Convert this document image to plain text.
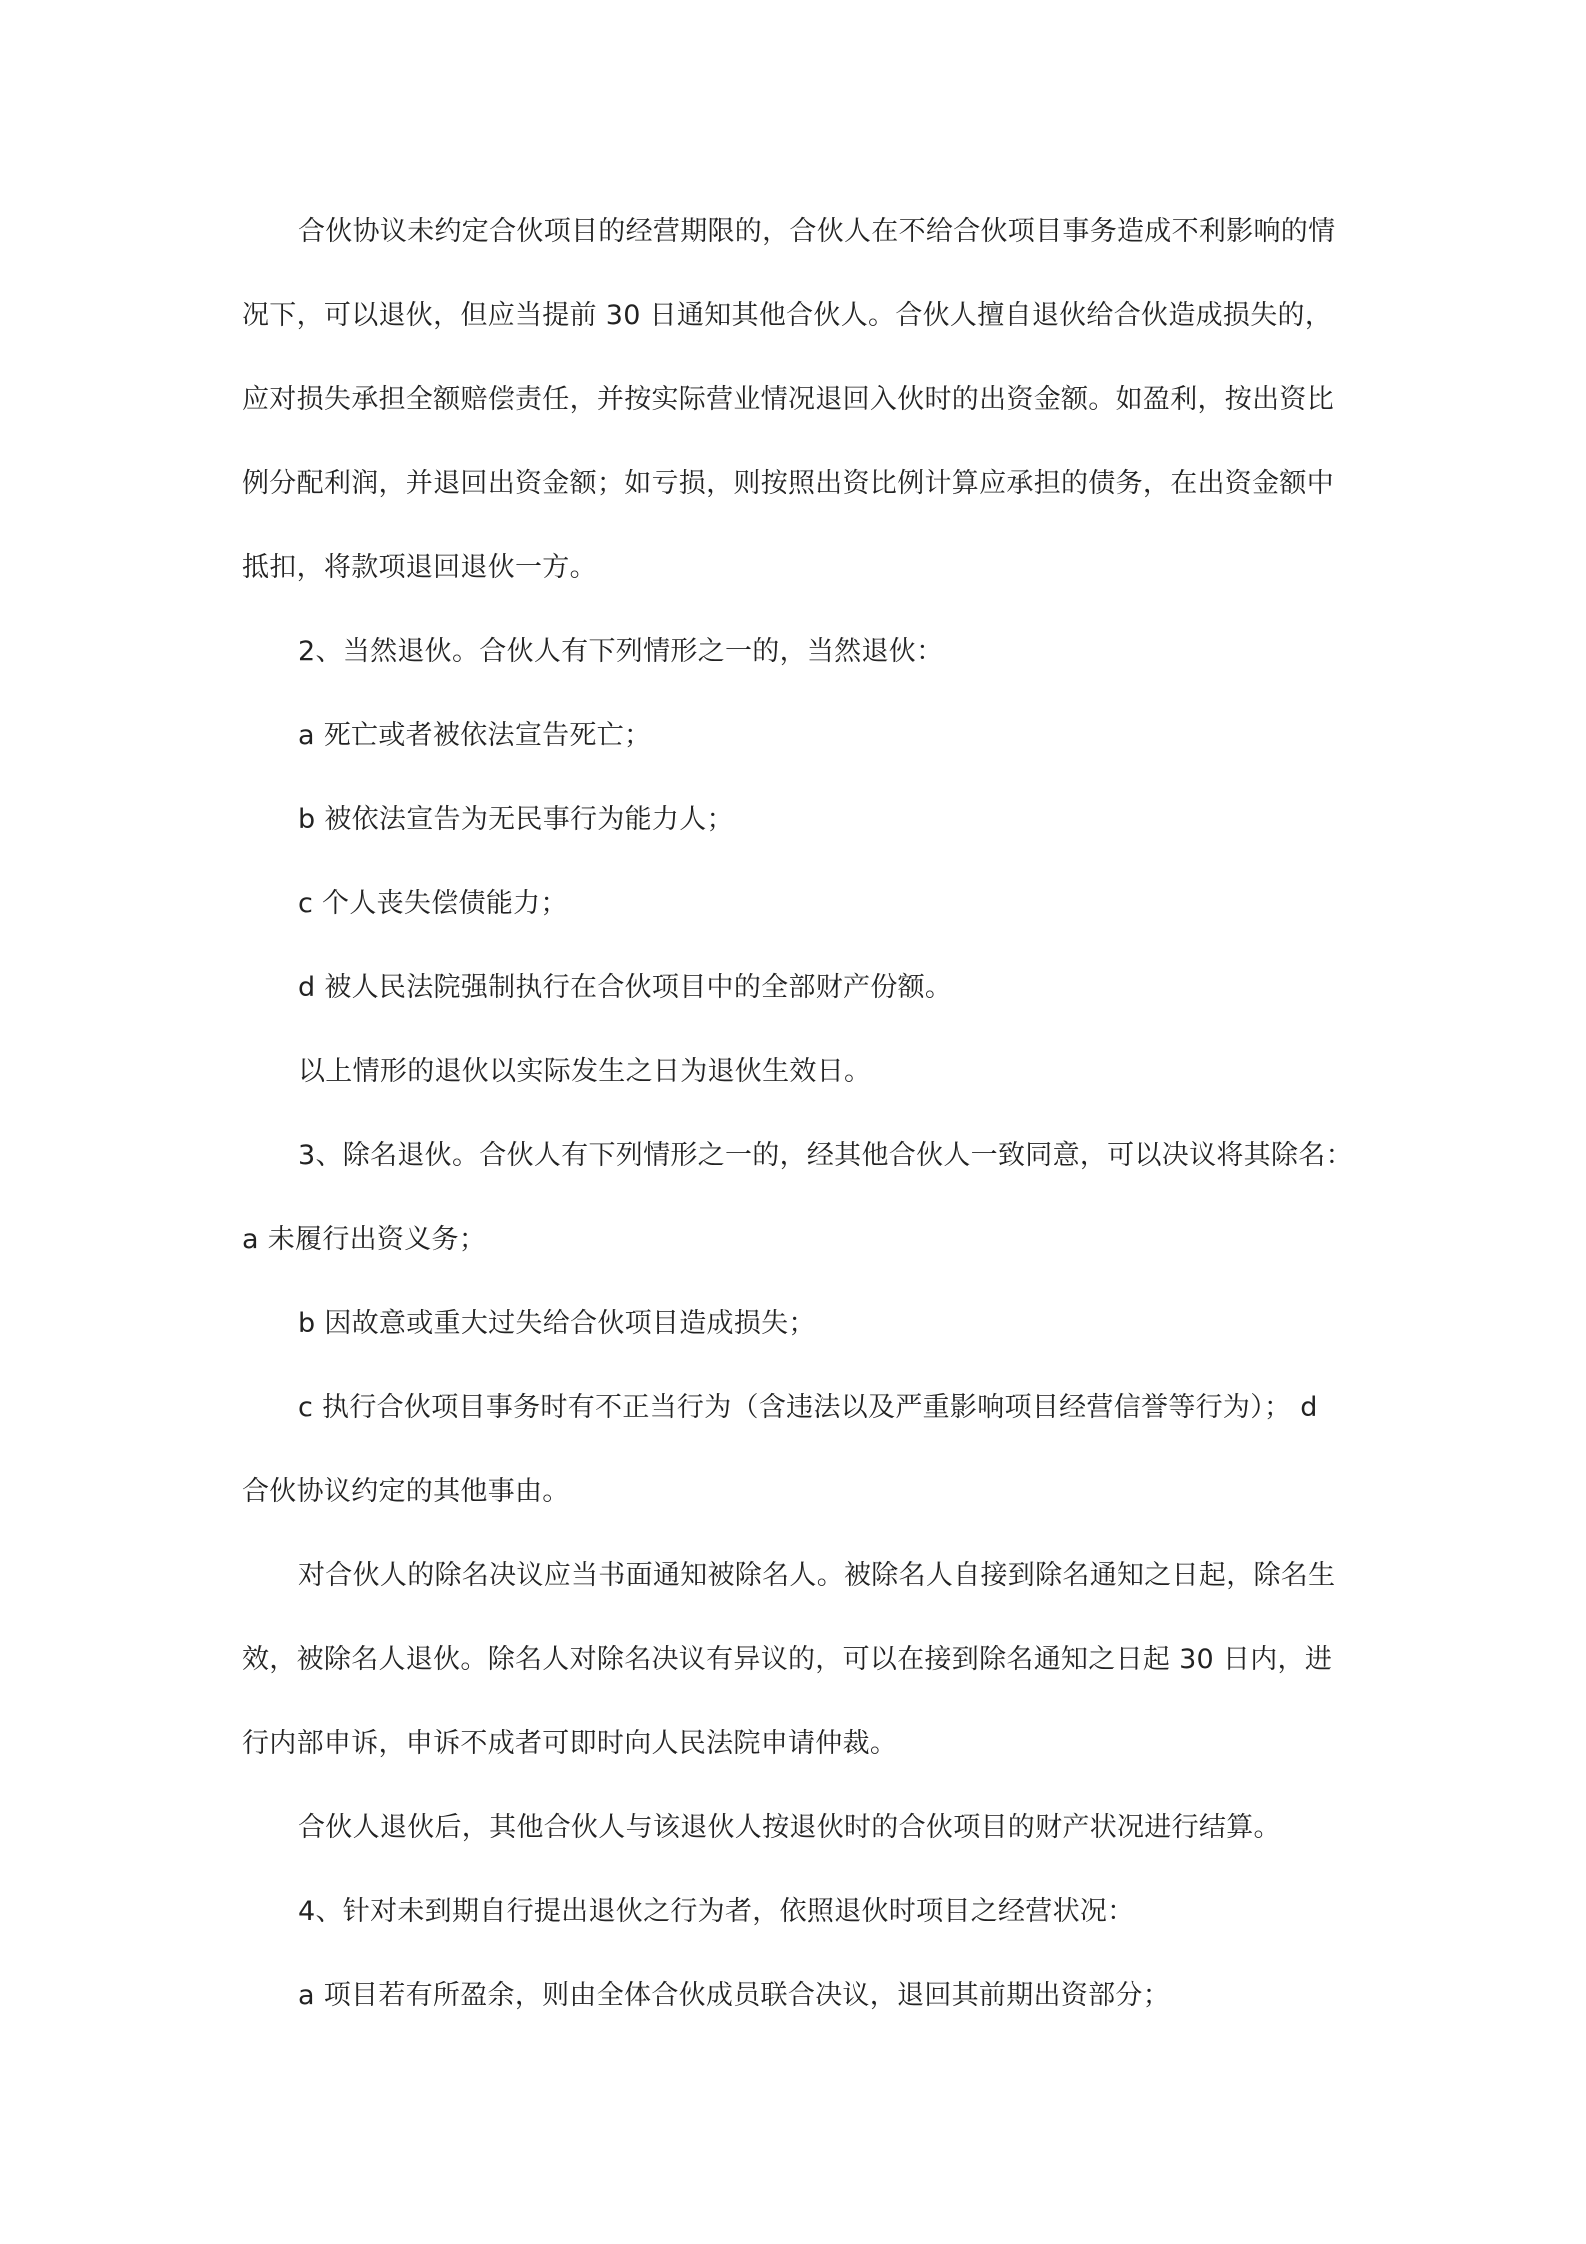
合伙协议未约定合伙项目的经营期限的，合伙人在不给合伙项目事务造成不利影响的情

况下，可以退伙，但应当提前 30 日通知其他合伙人。合伙人擅自退伙给合伙造成损失的，

应对损失承担全额赔偿责任，并按实际营业情况退回入伙时的出资金额。如盈利，按出资比

例分配利润，并退回出资金额；如亏损，则按照出资比例计算应承担的债务，在出资金额中

抵扣，将款项退回退伙一方。

2、当然退伙。合伙人有下列情形之一的，当然退伙：

a 死亡或者被依法宣告死亡；

b 被依法宣告为无民事行为能力人；

c 个人丧失偿债能力；

d 被人民法院强制执行在合伙项目中的全部财产份额。

以上情形的退伙以实际发生之日为退伙生效日。

3、除名退伙。合伙人有下列情形之一的，经其他合伙人一致同意，可以决议将其除名：

a 未履行出资义务；

b 因故意或重大过失给合伙项目造成损失；

c 执行合伙项目事务时有不正当行为（含违法以及严重影响项目经营信誉等行为）； d

合伙协议约定的其他事由。

对合伙人的除名决议应当书面通知被除名人。被除名人自接到除名通知之日起，除名生

效，被除名人退伙。除名人对除名决议有异议的，可以在接到除名通知之日起 30 日内，进

行内部申诉，申诉不成者可即时向人民法院申请仲裁。

合伙人退伙后，其他合伙人与该退伙人按退伙时的合伙项目的财产状况进行结算。

4、针对未到期自行提出退伙之行为者，依照退伙时项目之经营状况：

a 项目若有所盈余，则由全体合伙成员联合决议，退回其前期出资部分；
